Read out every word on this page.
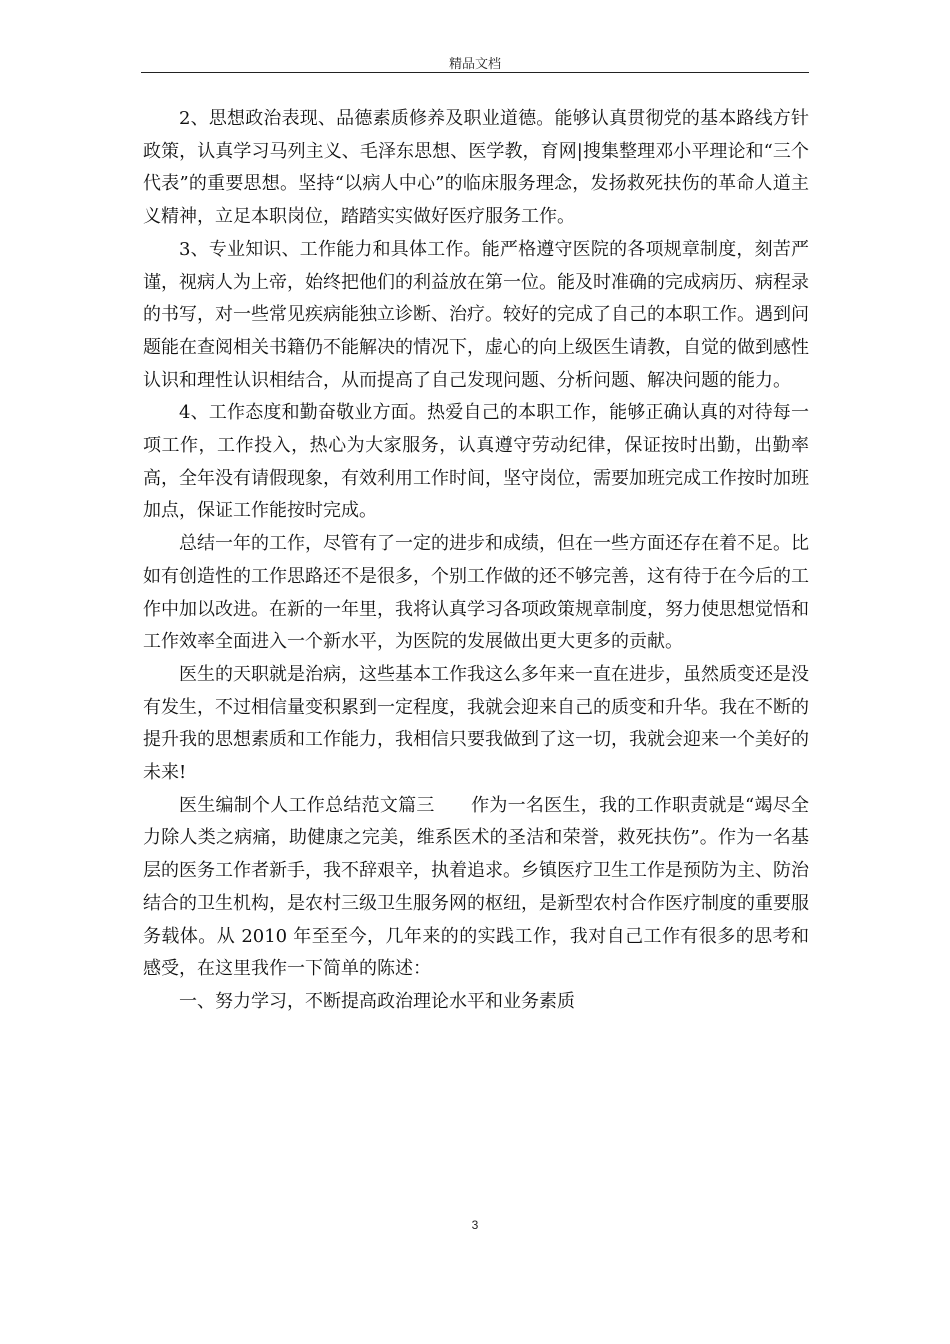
精品文档

2、思想政治表现、品德素质修养及职业道德。能够认真贯彻党的基本路线方针政策，认真学习马列主义、毛泽东思想、医学教，育网|搜集整理邓小平理论和“三个代表”的重要思想。坚持“以病人中心”的临床服务理念，发扬救死扶伤的革命人道主义精神，立足本职岗位，踏踏实实做好医疗服务工作。

3、专业知识、工作能力和具体工作。能严格遵守医院的各项规章制度，刻苦严谨，视病人为上帝，始终把他们的利益放在第一位。能及时准确的完成病历、病程录的书写，对一些常见疾病能独立诊断、治疗。较好的完成了自己的本职工作。遇到问题能在查阅相关书籍仍不能解决的情况下，虚心的向上级医生请教，自觉的做到感性认识和理性认识相结合，从而提高了自己发现问题、分析问题、解决问题的能力。

4、工作态度和勤奋敬业方面。热爱自己的本职工作，能够正确认真的对待每一项工作，工作投入，热心为大家服务，认真遵守劳动纪律，保证按时出勤，出勤率高，全年没有请假现象，有效利用工作时间，坚守岗位，需要加班完成工作按时加班加点，保证工作能按时完成。

总结一年的工作，尽管有了一定的进步和成绩，但在一些方面还存在着不足。比如有创造性的工作思路还不是很多，个别工作做的还不够完善，这有待于在今后的工作中加以改进。在新的一年里，我将认真学习各项政策规章制度，努力使思想觉悟和工作效率全面进入一个新水平，为医院的发展做出更大更多的贡献。

医生的天职就是治病，这些基本工作我这么多年来一直在进步，虽然质变还是没有发生，不过相信量变积累到一定程度，我就会迎来自己的质变和升华。我在不断的提升我的思想素质和工作能力，我相信只要我做到了这一切，我就会迎来一个美好的未来!

医生编制个人工作总结范文篇三　　作为一名医生，我的工作职责就是“竭尽全力除人类之病痛，助健康之完美，维系医术的圣洁和荣誉，救死扶伤”。作为一名基层的医务工作者新手，我不辞艰辛，执着追求。乡镇医疗卫生工作是预防为主、防治结合的卫生机构，是农村三级卫生服务网的枢纽，是新型农村合作医疗制度的重要服务载体。从 2010 年至至今，几年来的的实践工作，我对自己工作有很多的思考和感受，在这里我作一下简单的陈述：

一、努力学习，不断提高政治理论水平和业务素质

3
